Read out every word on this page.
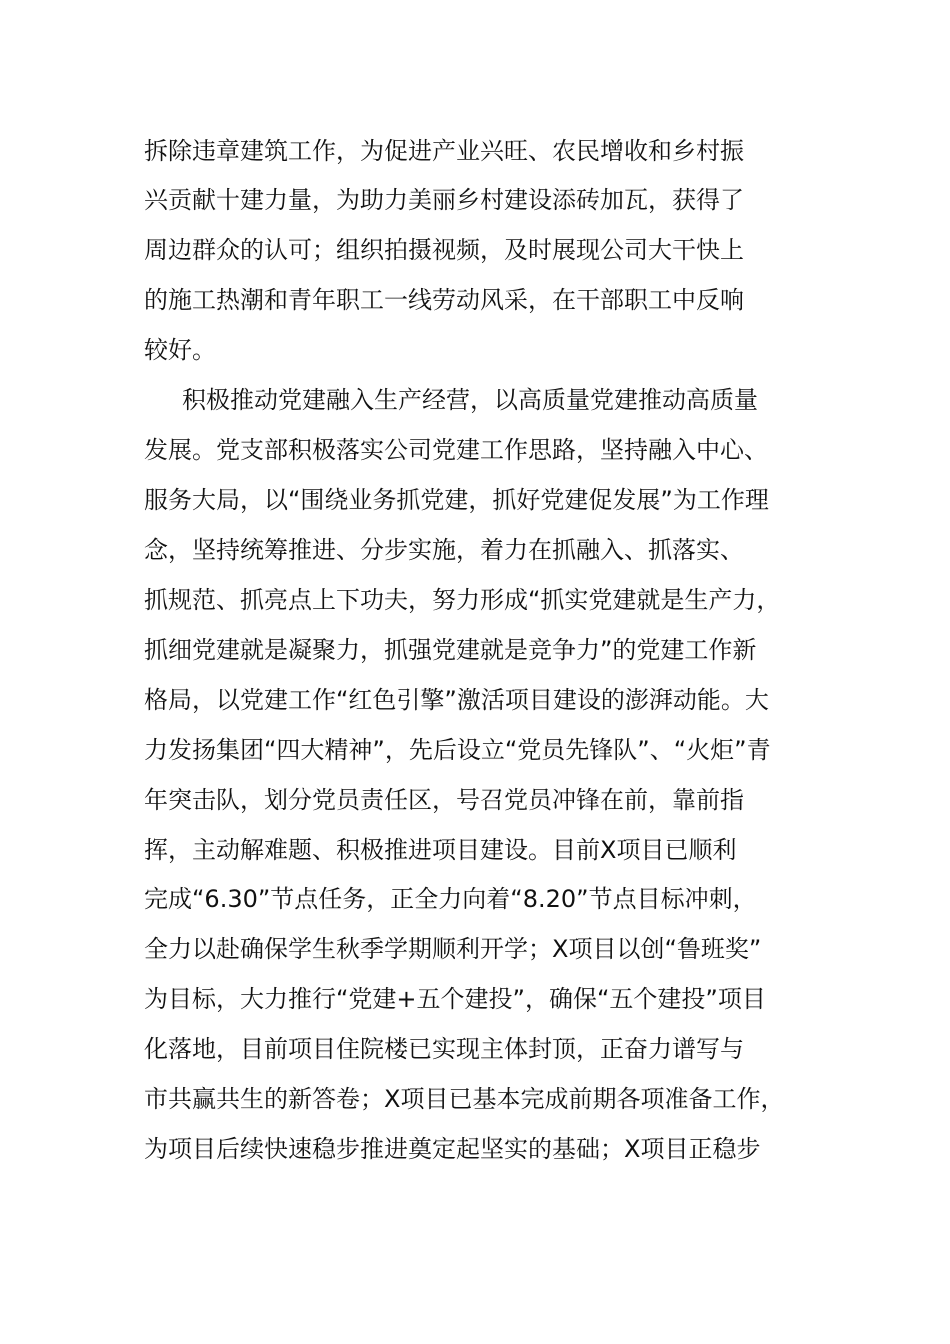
拆除违章建筑工作，为促进产业兴旺、农民增收和乡村振
兴贡献十建力量，为助力美丽乡村建设添砖加瓦，获得了
周边群众的认可；组织拍摄视频，及时展现公司大干快上
的施工热潮和青年职工一线劳动风采，在干部职工中反响
较好。
积极推动党建融入生产经营，以高质量党建推动高质量
发展。党支部积极落实公司党建工作思路，坚持融入中心、
服务大局，以“围绕业务抓党建，抓好党建促发展”为工作理
念，坚持统筹推进、分步实施，着力在抓融入、抓落实、
抓规范、抓亮点上下功夫，努力形成“抓实党建就是生产力，
抓细党建就是凝聚力，抓强党建就是竞争力”的党建工作新
格局，以党建工作“红色引擎”激活项目建设的澎湃动能。大
力发扬集团“四大精神”，先后设立“党员先锋队”、“火炬”青
年突击队，划分党员责任区，号召党员冲锋在前，靠前指
挥，主动解难题、积极推进项目建设。目前X项目已顺利
完成“6.30”节点任务，正全力向着“8.20”节点目标冲刺，
全力以赴确保学生秋季学期顺利开学；X项目以创“鲁班奖”
为目标，大力推行“党建+五个建投”，确保“五个建投”项目
化落地，目前项目住院楼已实现主体封顶，正奋力谱写与
市共赢共生的新答卷；X项目已基本完成前期各项准备工作，
为项目后续快速稳步推进奠定起坚实的基础；X项目正稳步
